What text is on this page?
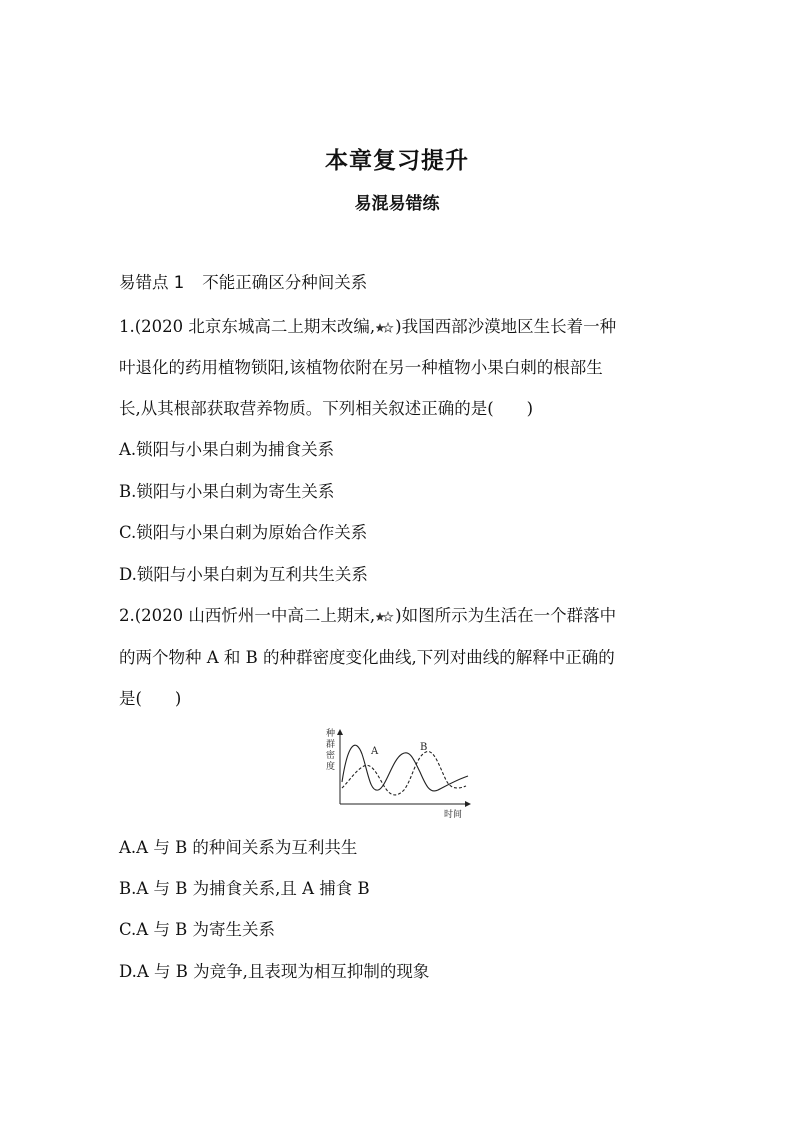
本章复习提升
易混易错练
易错点 1 不能正确区分种间关系
1.(2020 北京东城高二上期末改编, )我国西部沙漠地区生长着一种
叶退化的药用植物锁阳,该植物依附在另一种植物小果白刺的根部生
长,从其根部获取营养物质。下列相关叙述正确的是(　　)
A.锁阳与小果白刺为捕食关系
B.锁阳与小果白刺为寄生关系
C.锁阳与小果白刺为原始合作关系
D.锁阳与小果白刺为互利共生关系
2.(2020 山西忻州一中高二上期末, )如图所示为生活在一个群落中
的两个物种 A 和 B 的种群密度变化曲线,下列对曲线的解释中正确的
是(　　)
种
群
密
度
时间
A	B
A.A 与 B 的种间关系为互利共生
B.A 与 B 为捕食关系,且 A 捕食 B
C.A 与 B 为寄生关系
D.A 与 B 为竞争,且表现为相互抑制的现象
